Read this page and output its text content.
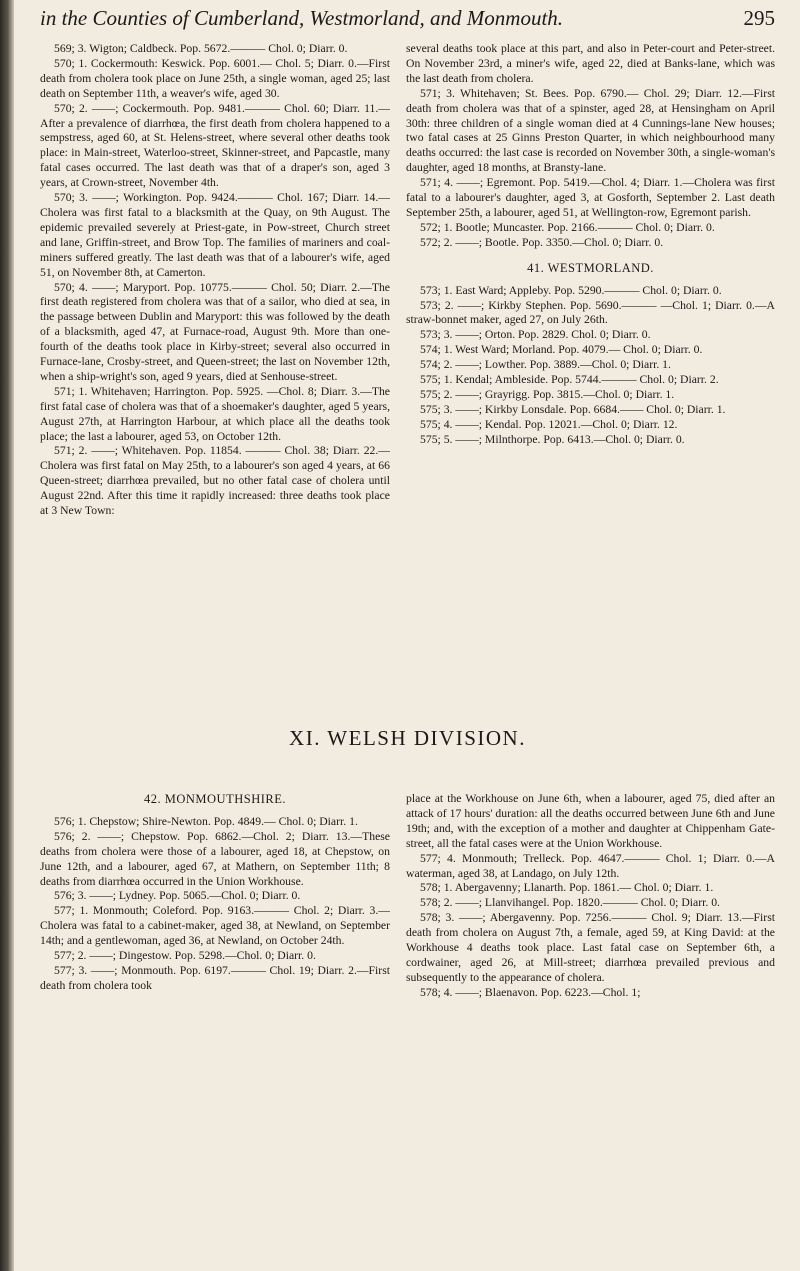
in the Counties of Cumberland, Westmorland, and Monmouth.	295

569; 3. Wigton; Caldbeck. Pop. 5672.——— Chol. 0; Diarr. 0.

570; 1. Cockermouth: Keswick. Pop. 6001.— Chol. 5; Diarr. 0.—First death from cholera took place on June 25th, a single woman, aged 25; last death on September 11th, a weaver's wife, aged 30.

570; 2. ——; Cockermouth. Pop. 9481.——— Chol. 60; Diarr. 11.—After a prevalence of diarrhœa, the first death from cholera happened to a sempstress, aged 60, at St. Helens-street, where several other deaths took place: in Main-street, Waterloo-street, Skinner-street, and Papcastle, many fatal cases occurred. The last death was that of a draper's son, aged 3 years, at Crown-street, November 4th.

570; 3. ——; Workington. Pop. 9424.——— Chol. 167; Diarr. 14.—Cholera was first fatal to a blacksmith at the Quay, on 9th August. The epidemic prevailed severely at Priest-gate, in Pow-street, Church street and lane, Griffin-street, and Brow Top. The families of mariners and coal-miners suffered greatly. The last death was that of a labourer's wife, aged 51, on November 8th, at Camerton.

570; 4. ——; Maryport. Pop. 10775.——— Chol. 50; Diarr. 2.—The first death registered from cholera was that of a sailor, who died at sea, in the passage between Dublin and Maryport: this was followed by the death of a blacksmith, aged 47, at Furnace-road, August 9th. More than one-fourth of the deaths took place in Kirby-street; several also occurred in Furnace-lane, Crosby-street, and Queen-street; the last on November 12th, when a ship-wright's son, aged 9 years, died at Senhouse-street.

571; 1. Whitehaven; Harrington. Pop. 5925. —Chol. 8; Diarr. 3.—The first fatal case of cholera was that of a shoemaker's daughter, aged 5 years, August 27th, at Harrington Harbour, at which place all the deaths took place; the last a labourer, aged 53, on October 12th.

571; 2. ——; Whitehaven. Pop. 11854. ——— Chol. 38; Diarr. 22.—Cholera was first fatal on May 25th, to a labourer's son aged 4 years, at 66 Queen-street; diarrhœa prevailed, but no other fatal case of cholera until August 22nd. After this time it rapidly increased: three deaths took place at 3 New Town:

several deaths took place at this part, and also in Peter-court and Peter-street. On November 23rd, a miner's wife, aged 22, died at Banks-lane, which was the last death from cholera.

571; 3. Whitehaven; St. Bees. Pop. 6790.— Chol. 29; Diarr. 12.—First death from cholera was that of a spinster, aged 28, at Hensingham on April 30th: three children of a single woman died at 4 Cunnings-lane New houses; two fatal cases at 25 Ginns Preston Quarter, in which neighbourhood many deaths occurred: the last case is recorded on November 30th, a single-woman's daughter, aged 18 months, at Bransty-lane.

571; 4. ——; Egremont. Pop. 5419.—Chol. 4; Diarr. 1.—Cholera was first fatal to a labourer's daughter, aged 3, at Gosforth, September 2. Last death September 25th, a labourer, aged 51, at Wellington-row, Egremont parish.

572; 1. Bootle; Muncaster. Pop. 2166.——— Chol. 0; Diarr. 0.

572; 2. ——; Bootle. Pop. 3350.—Chol. 0; Diarr. 0.

41. WESTMORLAND.

573; 1. East Ward; Appleby. Pop. 5290.——— Chol. 0; Diarr. 0.

573; 2. ——; Kirkby Stephen. Pop. 5690.——— —Chol. 1; Diarr. 0.—A straw-bonnet maker, aged 27, on July 26th.

573; 3. ——; Orton. Pop. 2829. Chol. 0; Diarr. 0.

574; 1. West Ward; Morland. Pop. 4079.— Chol. 0; Diarr. 0.

574; 2. ——; Lowther. Pop. 3889.—Chol. 0; Diarr. 1.

575; 1. Kendal; Ambleside. Pop. 5744.——— Chol. 0; Diarr. 2.

575; 2. ——; Grayrigg. Pop. 3815.—Chol. 0; Diarr. 1.

575; 3. ——; Kirkby Lonsdale. Pop. 6684.—— Chol. 0; Diarr. 1.

575; 4. ——; Kendal. Pop. 12021.—Chol. 0; Diarr. 12.

575; 5. ——; Milnthorpe. Pop. 6413.—Chol. 0; Diarr. 0.

XI. WELSH DIVISION.
42. MONMOUTHSHIRE.

576; 1. Chepstow; Shire-Newton. Pop. 4849.— Chol. 0; Diarr. 1.

576; 2. ——; Chepstow. Pop. 6862.—Chol. 2; Diarr. 13.—These deaths from cholera were those of a labourer, aged 18, at Chepstow, on June 12th, and a labourer, aged 67, at Mathern, on September 11th; 8 deaths from diarrhœa occurred in the Union Workhouse.

576; 3. ——; Lydney. Pop. 5065.—Chol. 0; Diarr. 0.

577; 1. Monmouth; Coleford. Pop. 9163.——— Chol. 2; Diarr. 3.—Cholera was fatal to a cabinet-maker, aged 38, at Newland, on September 14th; and a gentlewoman, aged 36, at Newland, on October 24th.

577; 2. ——; Dingestow. Pop. 5298.—Chol. 0; Diarr. 0.

577; 3. ——; Monmouth. Pop. 6197.——— Chol. 19; Diarr. 2.—First death from cholera took

place at the Workhouse on June 6th, when a labourer, aged 75, died after an attack of 17 hours' duration: all the deaths occurred between June 6th and June 19th; and, with the exception of a mother and daughter at Chippenham Gate-street, all the fatal cases were at the Union Workhouse.

577; 4. Monmouth; Trelleck. Pop. 4647.——— Chol. 1; Diarr. 0.—A waterman, aged 38, at Landago, on July 12th.

578; 1. Abergavenny; Llanarth. Pop. 1861.— Chol. 0; Diarr. 1.

578; 2. ——; Llanvihangel. Pop. 1820.——— Chol. 0; Diarr. 0.

578; 3. ——; Abergavenny. Pop. 7256.——— Chol. 9; Diarr. 13.—First death from cholera on August 7th, a female, aged 59, at King David: at the Workhouse 4 deaths took place. Last fatal case on September 6th, a cordwainer, aged 26, at Mill-street; diarrhœa prevailed previous and subsequently to the appearance of cholera.

578; 4. ——; Blaenavon. Pop. 6223.—Chol. 1;
